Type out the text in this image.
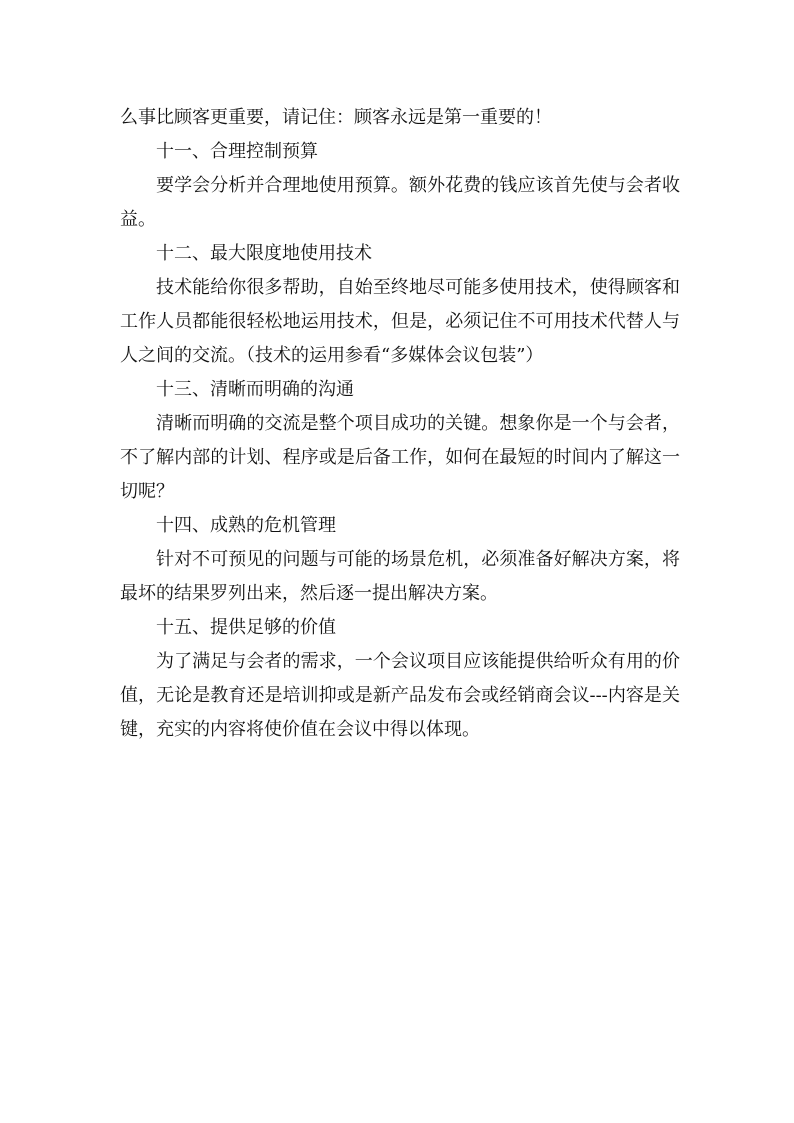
么事比顾客更重要，请记住：顾客永远是第一重要的！

十一、合理控制预算

要学会分析并合理地使用预算。额外花费的钱应该首先使与会者收益。

十二、最大限度地使用技术

技术能给你很多帮助，自始至终地尽可能多使用技术，使得顾客和工作人员都能很轻松地运用技术，但是，必须记住不可用技术代替人与人之间的交流。（技术的运用参看“多媒体会议包装”）

十三、清晰而明确的沟通

清晰而明确的交流是整个项目成功的关键。想象你是一个与会者，不了解内部的计划、程序或是后备工作，如何在最短的时间内了解这一切呢？

十四、成熟的危机管理

针对不可预见的问题与可能的场景危机，必须准备好解决方案，将最坏的结果罗列出来，然后逐一提出解决方案。

十五、提供足够的价值

为了满足与会者的需求，一个会议项目应该能提供给听众有用的价值，无论是教育还是培训抑或是新产品发布会或经销商会议---内容是关键，充实的内容将使价值在会议中得以体现。
